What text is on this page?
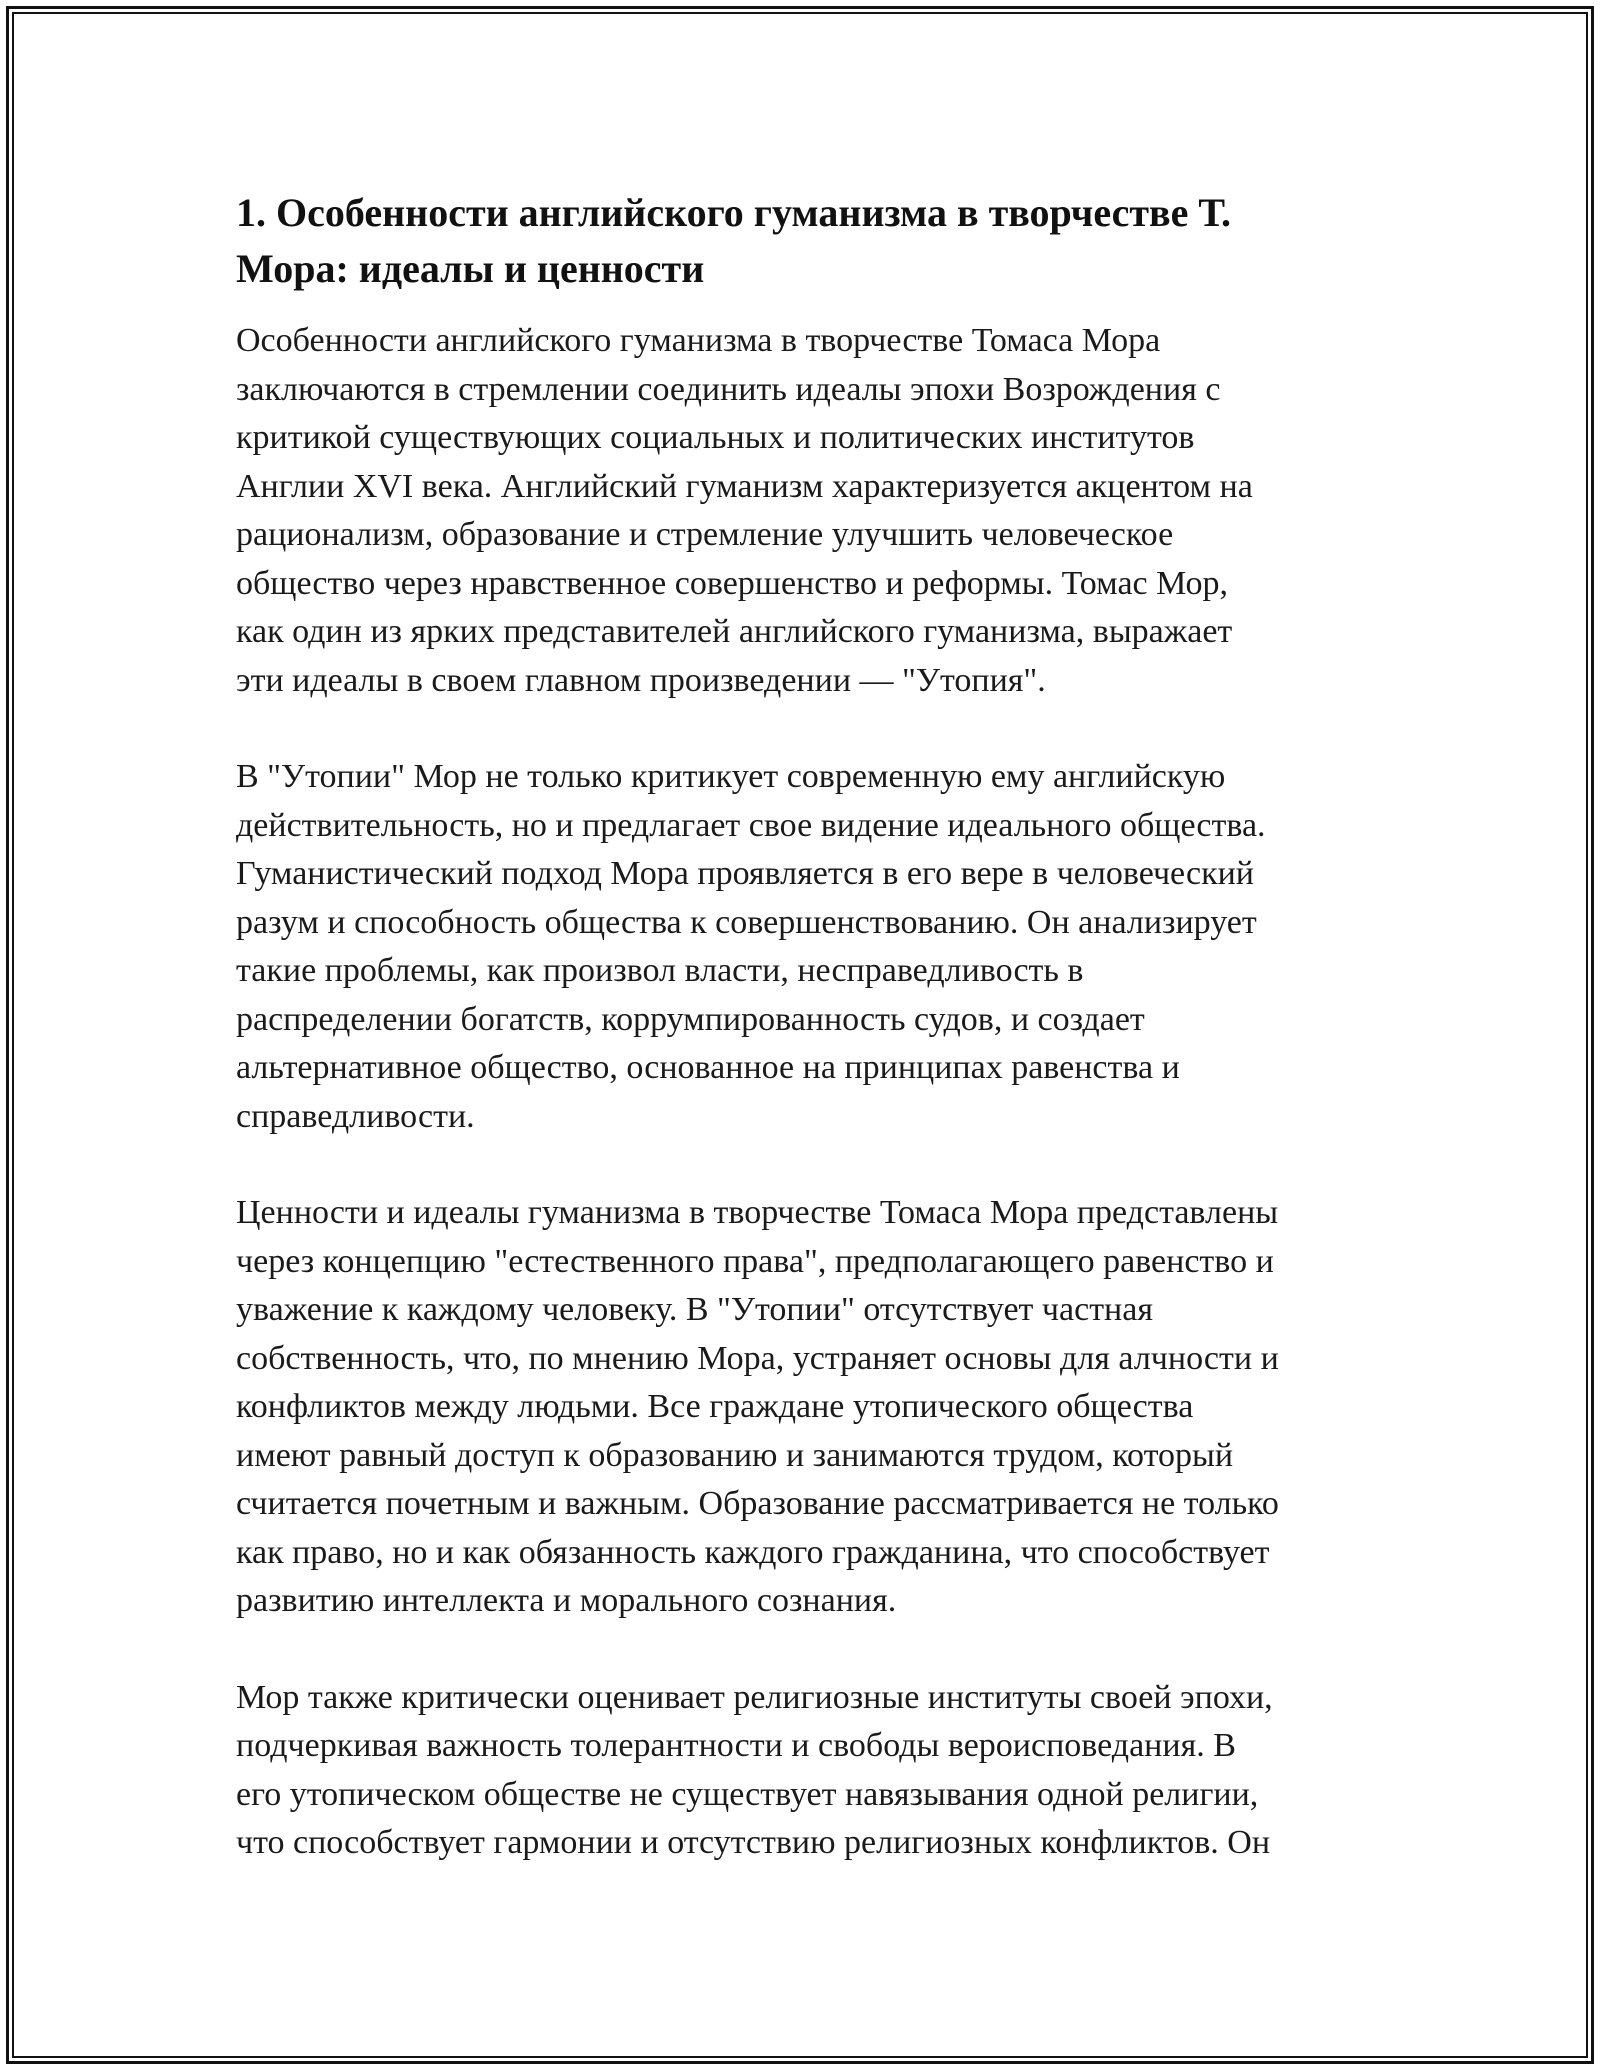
1. Особенности английского гуманизма в творчестве Т.
Мора: идеалы и ценности

Особенности английского гуманизма в творчестве Томаса Мора
заключаются в стремлении соединить идеалы эпохи Возрождения с
критикой существующих социальных и политических институтов
Англии XVI века. Английский гуманизм характеризуется акцентом на
рационализм, образование и стремление улучшить человеческое
общество через нравственное совершенство и реформы. Томас Мор,
как один из ярких представителей английского гуманизма, выражает
эти идеалы в своем главном произведении — "Утопия".

В "Утопии" Мор не только критикует современную ему английскую
действительность, но и предлагает свое видение идеального общества.
Гуманистический подход Мора проявляется в его вере в человеческий
разум и способность общества к совершенствованию. Он анализирует
такие проблемы, как произвол власти, несправедливость в
распределении богатств, коррумпированность судов, и создает
альтернативное общество, основанное на принципах равенства и
справедливости.

Ценности и идеалы гуманизма в творчестве Томаса Мора представлены
через концепцию "естественного права", предполагающего равенство и
уважение к каждому человеку. В "Утопии" отсутствует частная
собственность, что, по мнению Мора, устраняет основы для алчности и
конфликтов между людьми. Все граждане утопического общества
имеют равный доступ к образованию и занимаются трудом, который
считается почетным и важным. Образование рассматривается не только
как право, но и как обязанность каждого гражданина, что способствует
развитию интеллекта и морального сознания.

Мор также критически оценивает религиозные институты своей эпохи,
подчеркивая важность толерантности и свободы вероисповедания. В
его утопическом обществе не существует навязывания одной религии,
что способствует гармонии и отсутствию религиозных конфликтов. Он
